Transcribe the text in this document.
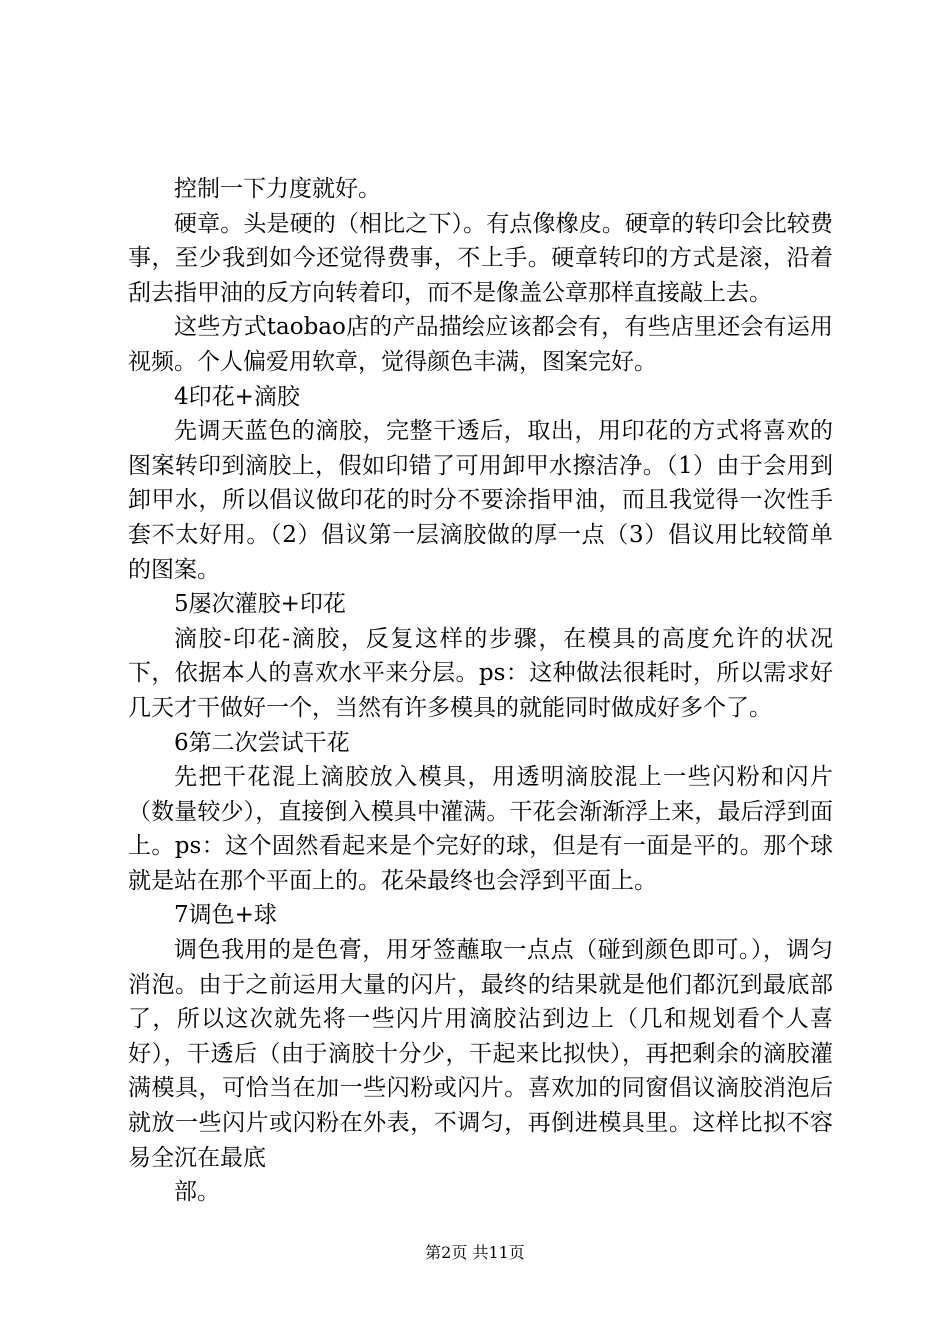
控制一下力度就好。

硬章。头是硬的（相比之下）。有点像橡皮。硬章的转印会比较费事，至少我到如今还觉得费事，不上手。硬章转印的方式是滚，沿着刮去指甲油的反方向转着印，而不是像盖公章那样直接敲上去。

这些方式taobao店的产品描绘应该都会有，有些店里还会有运用视频。个人偏爱用软章，觉得颜色丰满，图案完好。

4印花+滴胶

先调天蓝色的滴胶，完整干透后，取出，用印花的方式将喜欢的图案转印到滴胶上，假如印错了可用卸甲水擦洁净。（1）由于会用到卸甲水，所以倡议做印花的时分不要涂指甲油，而且我觉得一次性手套不太好用。（2）倡议第一层滴胶做的厚一点（3）倡议用比较简单的图案。

5屡次灌胶+印花

滴胶-印花-滴胶，反复这样的步骤，在模具的高度允许的状况下，依据本人的喜欢水平来分层。ps：这种做法很耗时，所以需求好几天才干做好一个，当然有许多模具的就能同时做成好多个了。

6第二次尝试干花

先把干花混上滴胶放入模具，用透明滴胶混上一些闪粉和闪片（数量较少），直接倒入模具中灌满。干花会渐渐浮上来，最后浮到面上。ps：这个固然看起来是个完好的球，但是有一面是平的。那个球就是站在那个平面上的。花朵最终也会浮到平面上。

7调色+球

调色我用的是色膏，用牙签蘸取一点点（碰到颜色即可。），调匀消泡。由于之前运用大量的闪片，最终的结果就是他们都沉到最底部了，所以这次就先将一些闪片用滴胶沾到边上（几和规划看个人喜好），干透后（由于滴胶十分少，干起来比拟快），再把剩余的滴胶灌满模具，可恰当在加一些闪粉或闪片。喜欢加的同窗倡议滴胶消泡后就放一些闪片或闪粉在外表，不调匀，再倒进模具里。这样比拟不容易全沉在最底

部。

第2页 共11页
